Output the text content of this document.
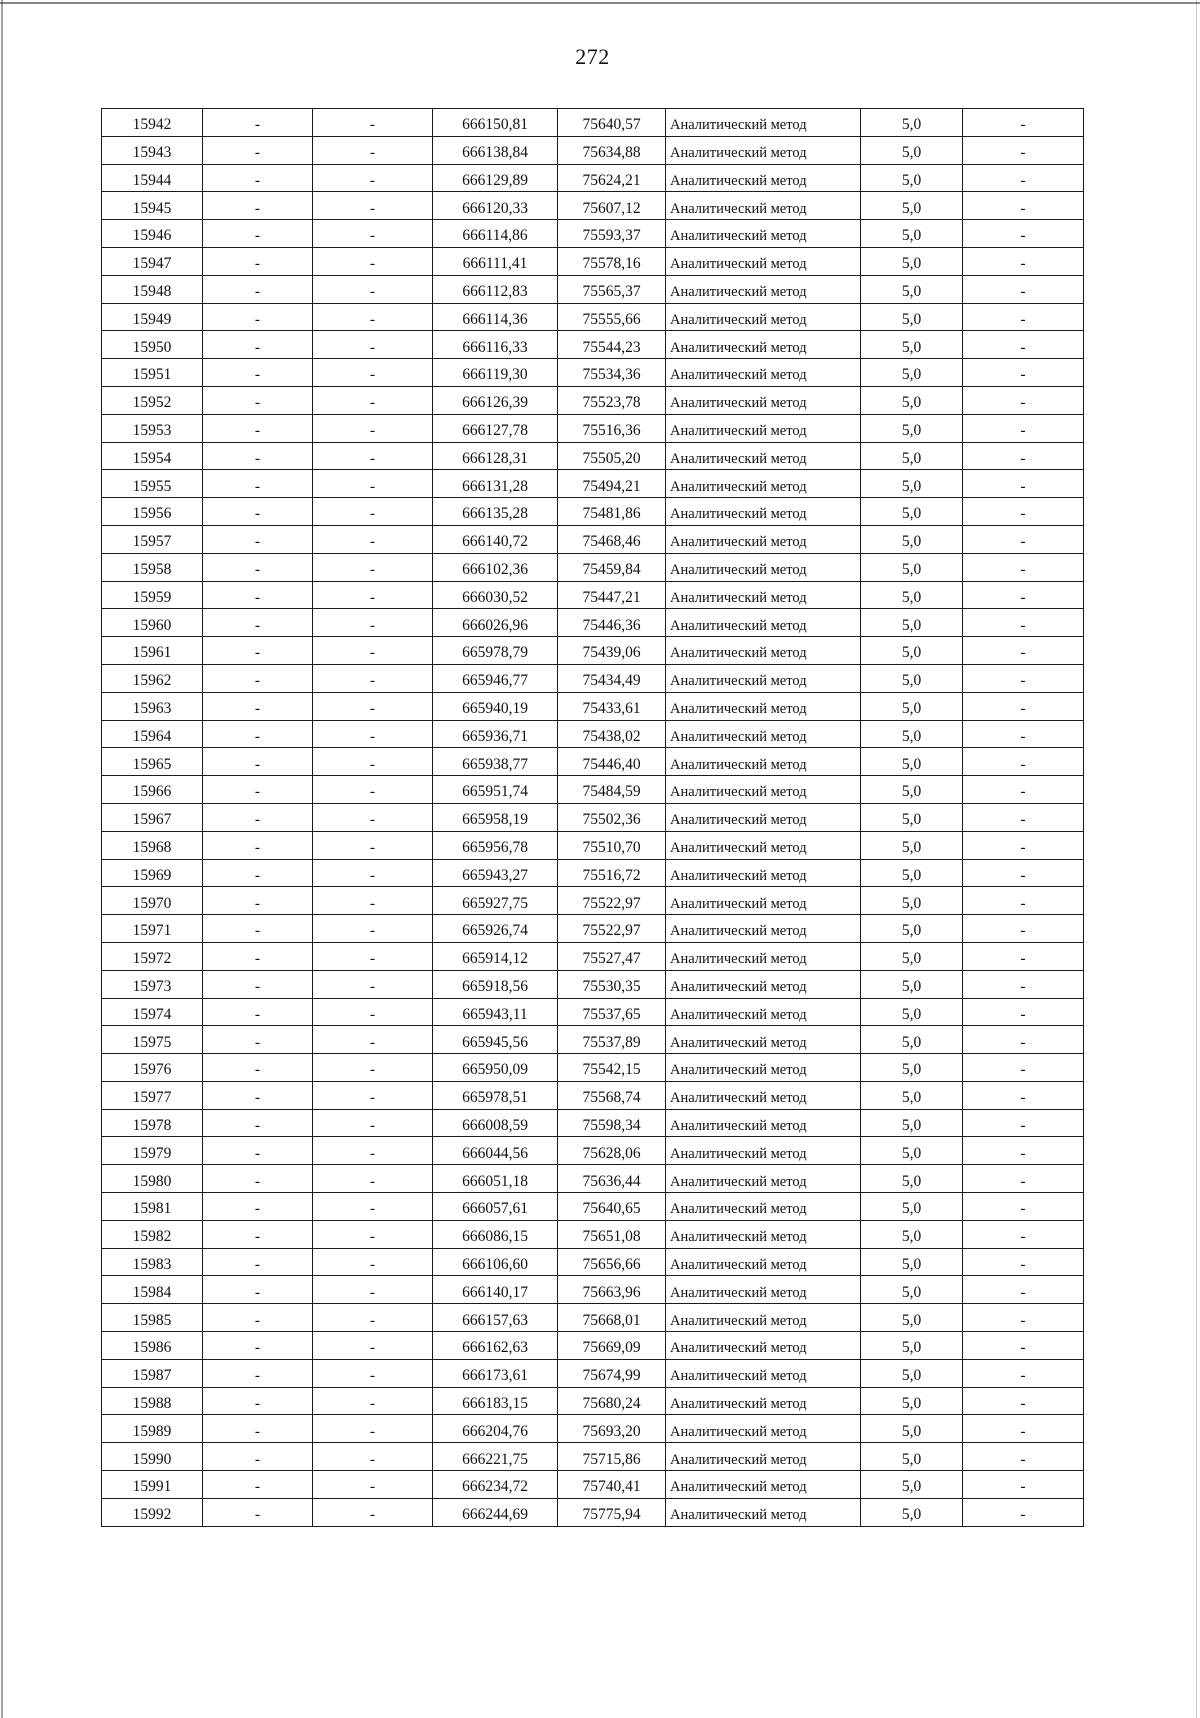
272
15942	-	-	666150,81	75640,57	Аналитический метод	5,0	-
15943	-	-	666138,84	75634,88	Аналитический метод	5,0	-
15944	-	-	666129,89	75624,21	Аналитический метод	5,0	-
15945	-	-	666120,33	75607,12	Аналитический метод	5,0	-
15946	-	-	666114,86	75593,37	Аналитический метод	5,0	-
15947	-	-	666111,41	75578,16	Аналитический метод	5,0	-
15948	-	-	666112,83	75565,37	Аналитический метод	5,0	-
15949	-	-	666114,36	75555,66	Аналитический метод	5,0	-
15950	-	-	666116,33	75544,23	Аналитический метод	5,0	-
15951	-	-	666119,30	75534,36	Аналитический метод	5,0	-
15952	-	-	666126,39	75523,78	Аналитический метод	5,0	-
15953	-	-	666127,78	75516,36	Аналитический метод	5,0	-
15954	-	-	666128,31	75505,20	Аналитический метод	5,0	-
15955	-	-	666131,28	75494,21	Аналитический метод	5,0	-
15956	-	-	666135,28	75481,86	Аналитический метод	5,0	-
15957	-	-	666140,72	75468,46	Аналитический метод	5,0	-
15958	-	-	666102,36	75459,84	Аналитический метод	5,0	-
15959	-	-	666030,52	75447,21	Аналитический метод	5,0	-
15960	-	-	666026,96	75446,36	Аналитический метод	5,0	-
15961	-	-	665978,79	75439,06	Аналитический метод	5,0	-
15962	-	-	665946,77	75434,49	Аналитический метод	5,0	-
15963	-	-	665940,19	75433,61	Аналитический метод	5,0	-
15964	-	-	665936,71	75438,02	Аналитический метод	5,0	-
15965	-	-	665938,77	75446,40	Аналитический метод	5,0	-
15966	-	-	665951,74	75484,59	Аналитический метод	5,0	-
15967	-	-	665958,19	75502,36	Аналитический метод	5,0	-
15968	-	-	665956,78	75510,70	Аналитический метод	5,0	-
15969	-	-	665943,27	75516,72	Аналитический метод	5,0	-
15970	-	-	665927,75	75522,97	Аналитический метод	5,0	-
15971	-	-	665926,74	75522,97	Аналитический метод	5,0	-
15972	-	-	665914,12	75527,47	Аналитический метод	5,0	-
15973	-	-	665918,56	75530,35	Аналитический метод	5,0	-
15974	-	-	665943,11	75537,65	Аналитический метод	5,0	-
15975	-	-	665945,56	75537,89	Аналитический метод	5,0	-
15976	-	-	665950,09	75542,15	Аналитический метод	5,0	-
15977	-	-	665978,51	75568,74	Аналитический метод	5,0	-
15978	-	-	666008,59	75598,34	Аналитический метод	5,0	-
15979	-	-	666044,56	75628,06	Аналитический метод	5,0	-
15980	-	-	666051,18	75636,44	Аналитический метод	5,0	-
15981	-	-	666057,61	75640,65	Аналитический метод	5,0	-
15982	-	-	666086,15	75651,08	Аналитический метод	5,0	-
15983	-	-	666106,60	75656,66	Аналитический метод	5,0	-
15984	-	-	666140,17	75663,96	Аналитический метод	5,0	-
15985	-	-	666157,63	75668,01	Аналитический метод	5,0	-
15986	-	-	666162,63	75669,09	Аналитический метод	5,0	-
15987	-	-	666173,61	75674,99	Аналитический метод	5,0	-
15988	-	-	666183,15	75680,24	Аналитический метод	5,0	-
15989	-	-	666204,76	75693,20	Аналитический метод	5,0	-
15990	-	-	666221,75	75715,86	Аналитический метод	5,0	-
15991	-	-	666234,72	75740,41	Аналитический метод	5,0	-
15992	-	-	666244,69	75775,94	Аналитический метод	5,0	-
